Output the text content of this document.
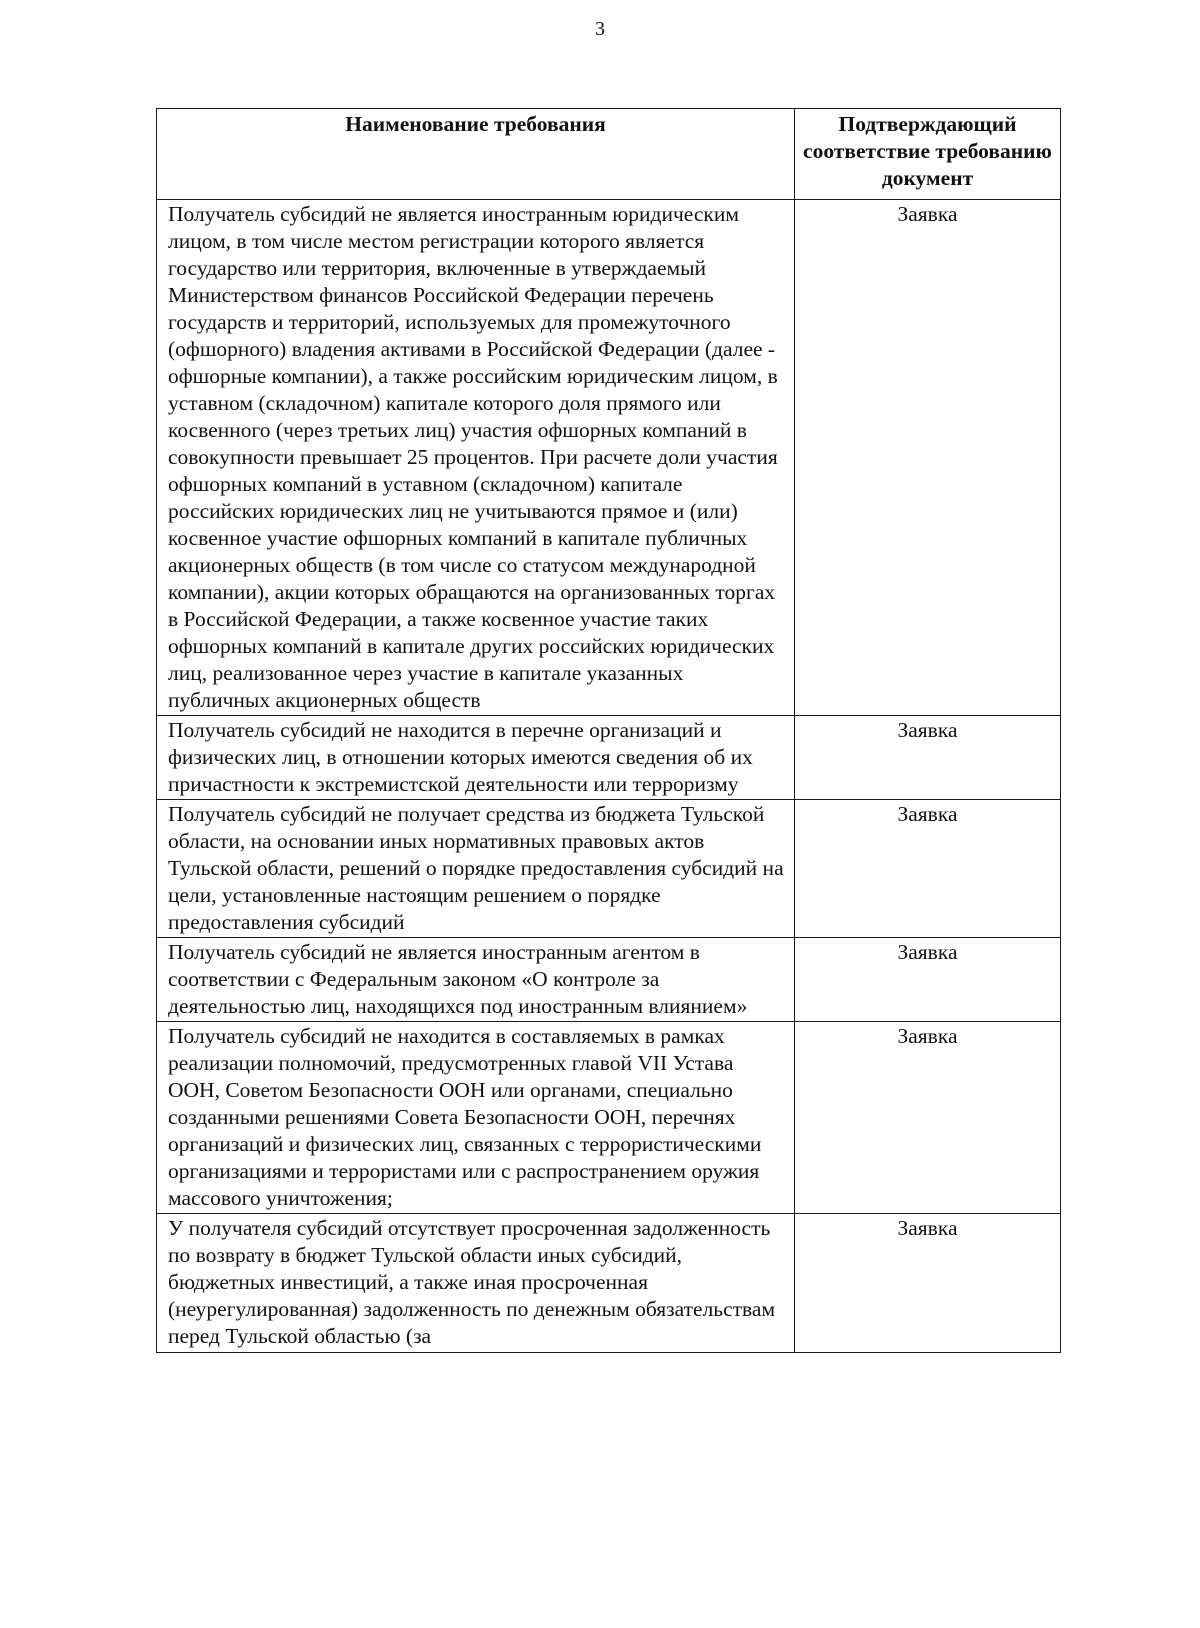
3
Наименование требования	Подтверждающий соответствие требованию документ
Получатель субсидий не является иностранным юридическим лицом, в том числе местом регистрации которого является государство или территория, включенные в утверждаемый Министерством финансов Российской Федерации перечень государств и территорий, используемых для промежуточного (офшорного) владения активами в Российской Федерации (далее - офшорные компании), а также российским юридическим лицом, в уставном (складочном) капитале которого доля прямого или косвенного (через третьих лиц) участия офшорных компаний в совокупности превышает 25 процентов. При расчете доли участия офшорных компаний в уставном (складочном) капитале российских юридических лиц не учитываются прямое и (или) косвенное участие офшорных компаний в капитале публичных акционерных обществ (в том числе со статусом международной компании), акции которых обращаются на организованных торгах в Российской Федерации, а также косвенное участие таких офшорных компаний в капитале других российских юридических лиц, реализованное через участие в капитале указанных публичных акционерных обществ	Заявка
Получатель субсидий не находится в перечне организаций и физических лиц, в отношении которых имеются сведения об их причастности к экстремистской деятельности или терроризму	Заявка
Получатель субсидий не получает средства из бюджета Тульской области, на основании иных нормативных правовых актов Тульской области, решений о порядке предоставления субсидий на цели, установленные настоящим решением о порядке предоставления субсидий	Заявка
Получатель субсидий не является иностранным агентом в соответствии с Федеральным законом «О контроле за деятельностью лиц, находящихся под иностранным влиянием»	Заявка
Получатель субсидий не находится в составляемых в рамках реализации полномочий, предусмотренных главой VII Устава ООН, Советом Безопасности ООН или органами, специально созданными решениями Совета Безопасности ООН, перечнях организаций и физических лиц, связанных с террористическими организациями и террористами или с распространением оружия массового уничтожения;	Заявка

У получателя субсидий отсутствует просроченная задолженность по возврату в бюджет Тульской области иных субсидий, бюджетных инвестиций, а также иная просроченная (неурегулированная) задолженность по денежным обязательствам перед Тульской областью (за	Заявка
